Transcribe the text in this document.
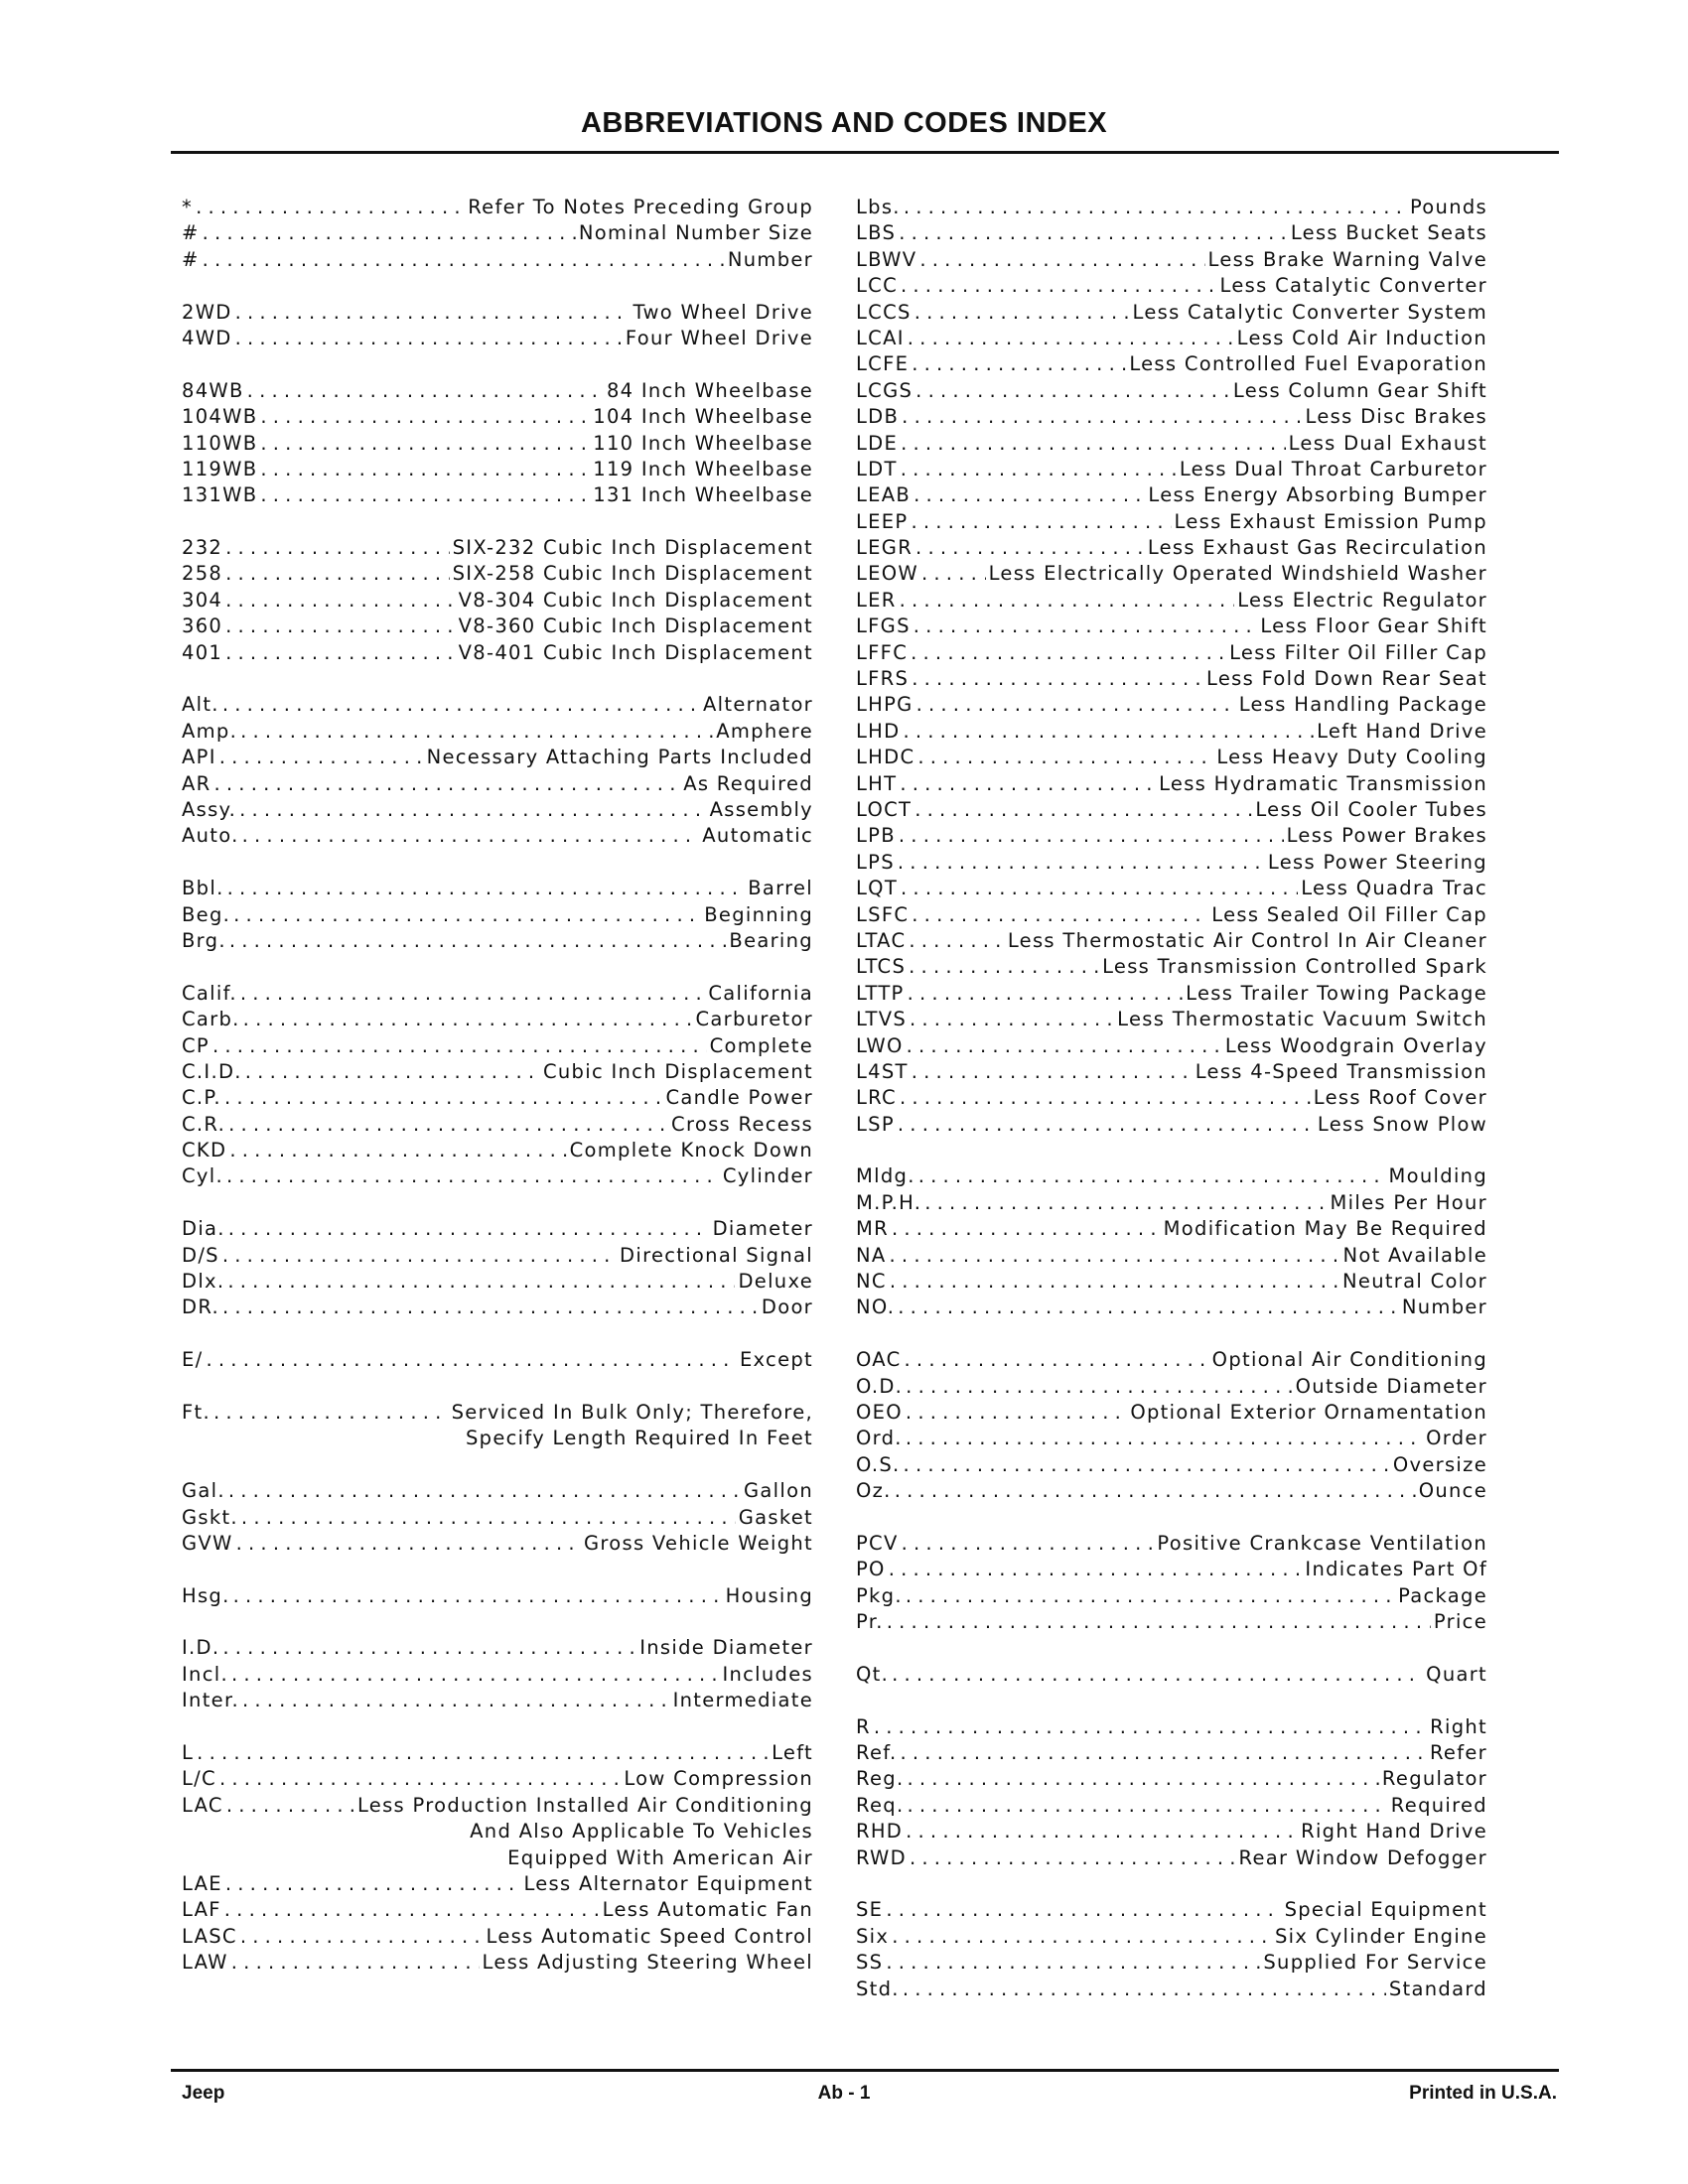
ABBREVIATIONS AND CODES INDEX
* . . .	Refer To Notes Preceding Group
# . . .	Nominal Number Size
# . . .	Number
2WD . . .	Two Wheel Drive
4WD . . .	Four Wheel Drive
84WB . . .	84 Inch Wheelbase
104WB . . .	104 Inch Wheelbase
110WB . . .	110 Inch Wheelbase
119WB . . .	119 Inch Wheelbase
131WB . . .	131 Inch Wheelbase
232 . . .	SIX-232 Cubic Inch Displacement
258 . . .	SIX-258 Cubic Inch Displacement
304 . . .	V8-304 Cubic Inch Displacement
360 . . .	V8-360 Cubic Inch Displacement
401 . . .	V8-401 Cubic Inch Displacement
Alt. . . .	Alternator
Amp. . . .	Amphere
API . . .	Necessary Attaching Parts Included
AR . . .	As Required
Assy. . . .	Assembly
Auto. . . .	Automatic
Bbl. . . .	Barrel
Beg. . . .	Beginning
Brg. . . .	Bearing
Calif. . . .	California
Carb. . . .	Carburetor
CP . . .	Complete
C.I.D. . . .	Cubic Inch Displacement
C.P. . . .	Candle Power
C.R. . . .	Cross Recess
CKD . . .	Complete Knock Down
Cyl. . . .	Cylinder
Dia. . . .	Diameter
D/S . . .	Directional Signal
Dlx. . . .	Deluxe
DR. . . .	Door
E/ . . .	Except
Ft. . . .	Serviced In Bulk Only; Therefore,
Specify Length Required In Feet
Gal. . . .	Gallon
Gskt. . . .	Gasket
GVW . . .	Gross Vehicle Weight
Hsg. . . .	Housing
I.D. . . .	Inside Diameter
Incl. . . .	Includes
Inter. . . .	Intermediate
L . . .	Left
L/C . . .	Low Compression
LAC . . .	Less Production Installed Air Conditioning
And Also Applicable To Vehicles
Equipped With American Air
LAE . . .	Less Alternator Equipment
LAF . . .	Less Automatic Fan
LASC . . .	Less Automatic Speed Control
LAW . . .	Less Adjusting Steering Wheel
Lbs. . . .	Pounds
LBS . . .	Less Bucket Seats
LBWV . . .	Less Brake Warning Valve
LCC . . .	Less Catalytic Converter
LCCS . . .	Less Catalytic Converter System
LCAI . . .	Less Cold Air Induction
LCFE . . .	Less Controlled Fuel Evaporation
LCGS . . .	Less Column Gear Shift
LDB . . .	Less Disc Brakes
LDE . . .	Less Dual Exhaust
LDT . . .	Less Dual Throat Carburetor
LEAB . . .	Less Energy Absorbing Bumper
LEEP . . .	Less Exhaust Emission Pump
LEGR . . .	Less Exhaust Gas Recirculation
LEOW . . .	Less Electrically Operated Windshield Washer
LER . . .	Less Electric Regulator
LFGS . . .	Less Floor Gear Shift
LFFC . . .	Less Filter Oil Filler Cap
LFRS . . .	Less Fold Down Rear Seat
LHPG . . .	Less Handling Package
LHD . . .	Left Hand Drive
LHDC . . .	Less Heavy Duty Cooling
LHT . . .	Less Hydramatic Transmission
LOCT . . .	Less Oil Cooler Tubes
LPB . . .	Less Power Brakes
LPS . . .	Less Power Steering
LQT . . .	Less Quadra Trac
LSFC . . .	Less Sealed Oil Filler Cap
LTAC . . .	Less Thermostatic Air Control In Air Cleaner
LTCS . . .	Less Transmission Controlled Spark
LTTP . . .	Less Trailer Towing Package
LTVS . . .	Less Thermostatic Vacuum Switch
LWO . . .	Less Woodgrain Overlay
L4ST . . .	Less 4-Speed Transmission
LRC . . .	Less Roof Cover
LSP . . .	Less Snow Plow
Mldg. . . .	Moulding
M.P.H. . . .	Miles Per Hour
MR . . .	Modification May Be Required
NA . . .	Not Available
NC . . .	Neutral Color
NO. . . .	Number
OAC . . .	Optional Air Conditioning
O.D. . . .	Outside Diameter
OEO . . .	Optional Exterior Ornamentation
Ord. . . .	Order
O.S. . . .	Oversize
Oz. . . .	Ounce
PCV . . .	Positive Crankcase Ventilation
PO . . .	Indicates Part Of
Pkg. . . .	Package
Pr. . . .	Price
Qt. . . .	Quart
R . . .	Right
Ref. . . .	Refer
Reg. . . .	Regulator
Req. . . .	Required
RHD . . .	Right Hand Drive
RWD . . .	Rear Window Defogger
SE . . .	Special Equipment
Six . . .	Six Cylinder Engine
SS . . .	Supplied For Service
Std. . . .	Standard
Jeep	Ab - 1	Printed in U.S.A.
